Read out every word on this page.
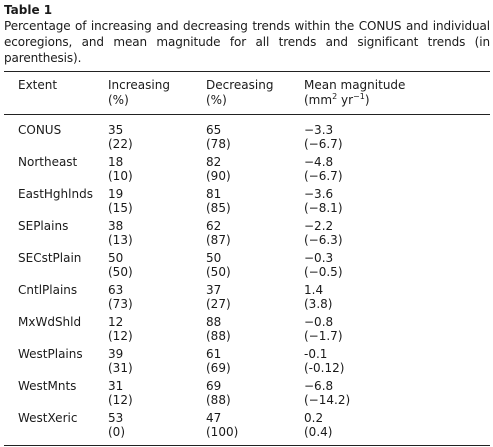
Table 1

Percentage of increasing and decreasing trends within the CONUS and individual ecoregions, and mean magnitude for all trends and significant trends (in parenthesis).

Extent	Increasing	Decreasing	Mean magnitude
	(%)	(%)	($mm^2$ $yr^{-1}$)

CONUS	35	65	−3.3
	(22)	(78)	(−6.7)
Northeast	18	82	−4.8
	(10)	(90)	(−6.7)
EastHghlnds	19	81	−3.6
	(15)	(85)	(−8.1)
SEPlains	38	62	−2.2
	(13)	(87)	(−6.3)
SECstPlain	50	50	−0.3
	(50)	(50)	(−0.5)
CntlPlains	63	37	1.4
	(73)	(27)	(3.8)
MxWdShld	12	88	−0.8
	(12)	(88)	(−1.7)
WestPlains	39	61	-0.1
	(31)	(69)	(-0.12)
WestMnts	31	69	−6.8
	(12)	(88)	(−14.2)
WestXeric	53	47	0.2
	(0)	(100)	(0.4)
